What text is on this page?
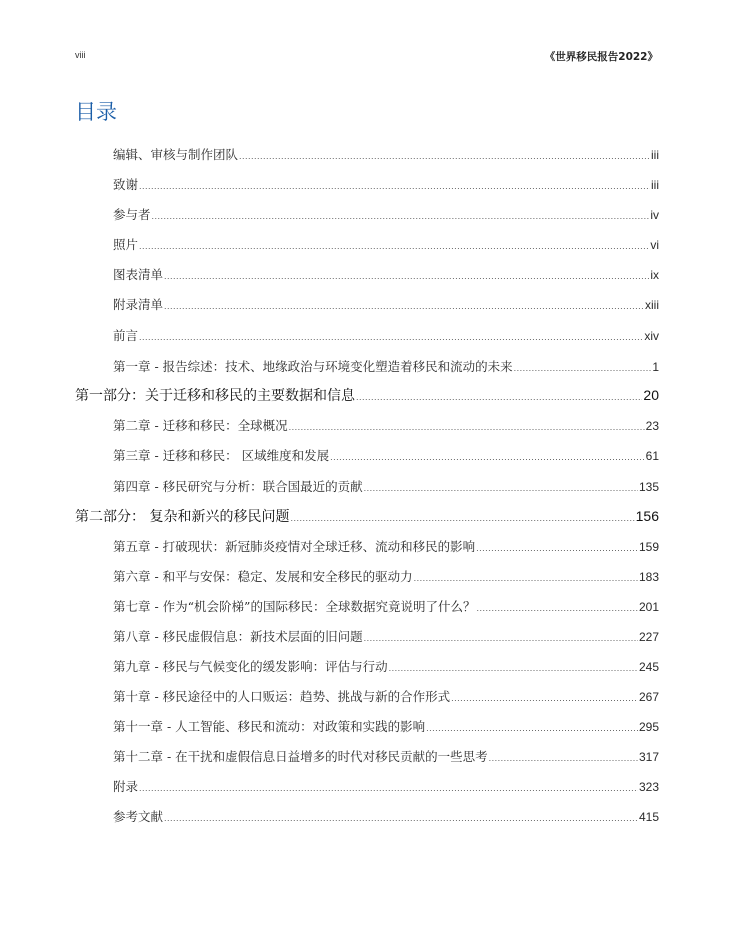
viii	《世界移民报告2022》
目录
编辑、审核与制作团队 .....	iii
致谢 .....	iii
参与者 .....	iv
照片 .....	vi
图表清单 .....	ix
附录清单 .....	xiii
前言 .....	xiv
第一章 - 报告综述：技术、地缘政治与环境变化塑造着移民和流动的未来 .....	1
第一部分：关于迁移和移民的主要数据和信息 .....	20
第二章 - 迁移和移民：全球概况 .....	23
第三章 - 迁移和移民： 区域维度和发展 .....	61
第四章 - 移民研究与分析：联合国最近的贡献 .....	135
第二部分： 复杂和新兴的移民问题 .....	156
第五章 - 打破现状：新冠肺炎疫情对全球迁移、流动和移民的影响 .....	159
第六章 - 和平与安保：稳定、发展和安全移民的驱动力 .....	183
第七章 - 作为“机会阶梯”的国际移民：全球数据究竟说明了什么？ .....	201
第八章 - 移民虚假信息：新技术层面的旧问题 .....	227
第九章 - 移民与气候变化的缓发影响：评估与行动 .....	245
第十章 - 移民途径中的人口贩运：趋势、挑战与新的合作形式 .....	267
第十一章 - 人工智能、移民和流动：对政策和实践的影响 .....	295
第十二章 - 在干扰和虚假信息日益增多的时代对移民贡献的一些思考 .....	317
附录 .....	323
参考文献 .....	415
